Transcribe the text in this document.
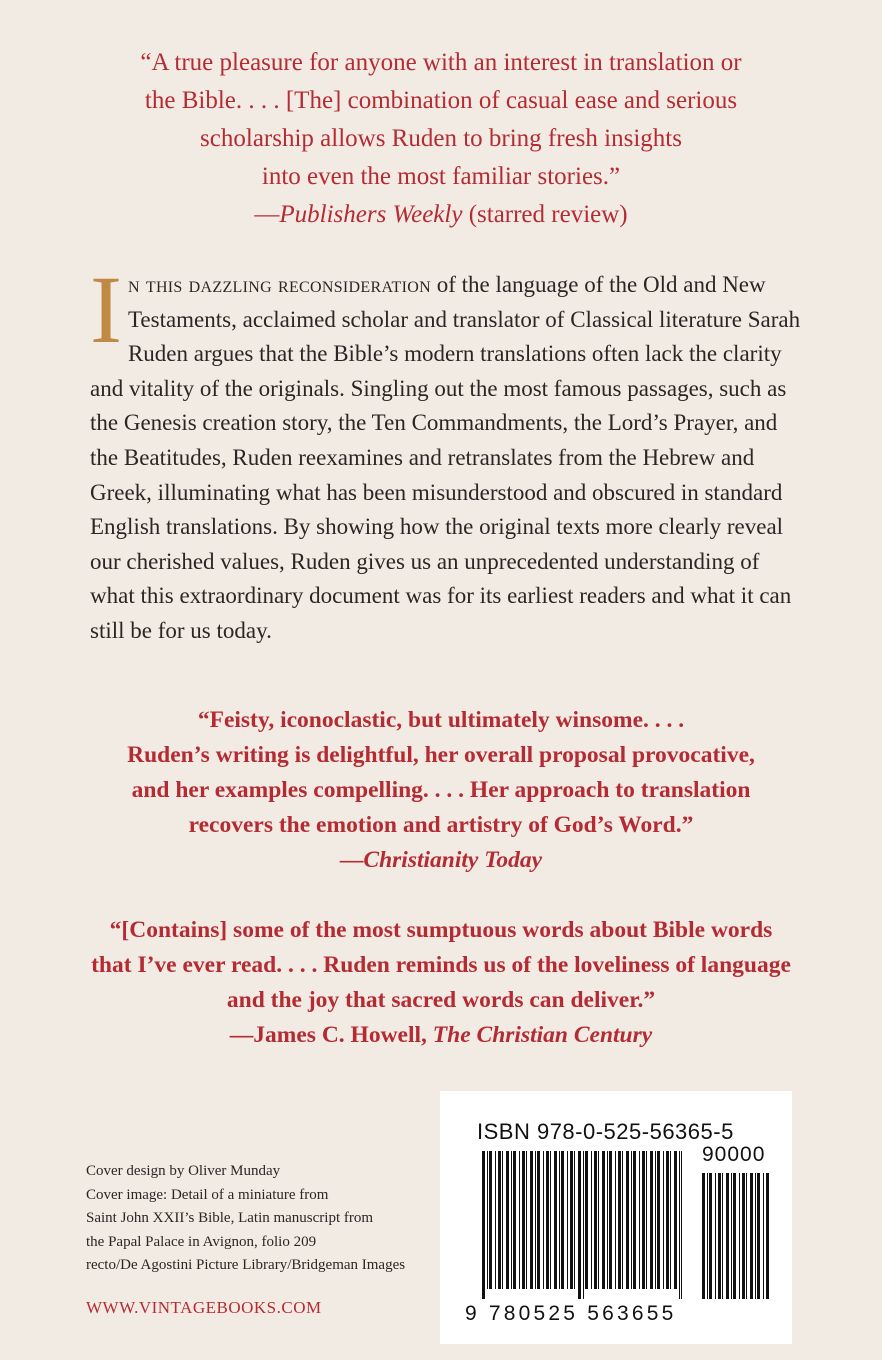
“A true pleasure for anyone with an interest in translation or
the Bible. . . . [The] combination of casual ease and serious
scholarship allows Ruden to bring fresh insights
into even the most familiar stories.”
—Publishers Weekly (starred review)

In this dazzling reconsideration of the language of the Old and New Testaments, acclaimed scholar and translator of Classical literature Sarah Ruden argues that the Bible’s modern translations often lack the clarity and vitality of the originals. Singling out the most famous passages, such as the Genesis creation story, the Ten Commandments, the Lord’s Prayer, and the Beatitudes, Ruden reexamines and retranslates from the Hebrew and Greek, illuminating what has been misunderstood and obscured in standard English translations. By showing how the original texts more clearly reveal our cherished values, Ruden gives us an unprecedented understanding of what this extraordinary document was for its earliest readers and what it can still be for us today.

“Feisty, iconoclastic, but ultimately winsome. . . .
Ruden’s writing is delightful, her overall proposal provocative,
and her examples compelling. . . . Her approach to translation
recovers the emotion and artistry of God’s Word.”
—Christianity Today
“[Contains] some of the most sumptuous words about Bible words
that I’ve ever read. . . . Ruden reminds us of the loveliness of language
and the joy that sacred words can deliver.”
—James C. Howell, The Christian Century
Cover design by Oliver Munday
Cover image: Detail of a miniature from
Saint John XXII’s Bible, Latin manuscript from
the Papal Palace in Avignon, folio 209
recto/De Agostini Picture Library/Bridgeman Images
WWW.VINTAGEBOOKS.COM
ISBN 978-0-525-56365-5
90000
9 780525 563655
